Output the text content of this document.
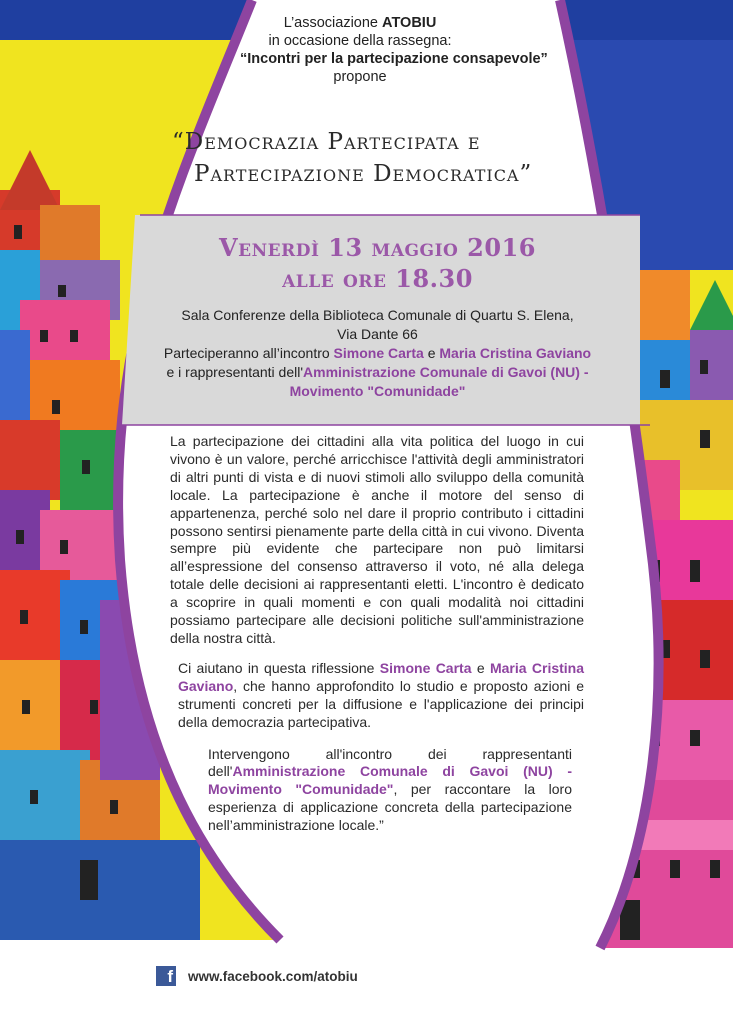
L’associazione ATOBIU
in occasione della rassegna:
“Incontri per la partecipazione consapevole”
propone
“Democrazia Partecipata e
Partecipazione Democratica”
Venerdì 13 maggio 2016
alle ore 18.30
Sala Conferenze della Biblioteca Comunale di Quartu S. Elena,
Via Dante 66
Parteciperanno all’incontro Simone Carta e Maria Cristina Gaviano
e i rappresentanti dell'Amministrazione Comunale di Gavoi (NU) -
Movimento "Comunidade"

La partecipazione dei cittadini alla vita politica del luogo in cui vivono è un valore, perché arricchisce l'attività degli amministratori di altri punti di vista e di nuovi stimoli allo sviluppo della comunità locale. La partecipazione è anche il motore del senso di appartenenza, perché solo nel dare il proprio contributo i cittadini possono sentirsi pienamente parte della città in cui vivono. Diventa sempre più evidente che partecipare non può limitarsi all’espressione del consenso attraverso il voto, né alla delega totale delle decisioni ai rappresentanti eletti. L'incontro è dedicato a scoprire in quali momenti e con quali modalità noi cittadini possiamo partecipare alle decisioni politiche sull'amministrazione della nostra città.

Ci aiutano in questa riflessione Simone Carta e Maria Cristina Gaviano, che hanno approfondito lo studio e proposto azioni e strumenti concreti per la diffusione e l'applicazione dei principi della democrazia partecipativa.

Intervengono all'incontro dei rappresentanti dell'Amministrazione Comunale di Gavoi (NU) - Movimento "Comunidade", per raccontare la loro esperienza di applicazione concreta della partecipazione nell’amministrazione locale.”

f www.facebook.com/atobiu
